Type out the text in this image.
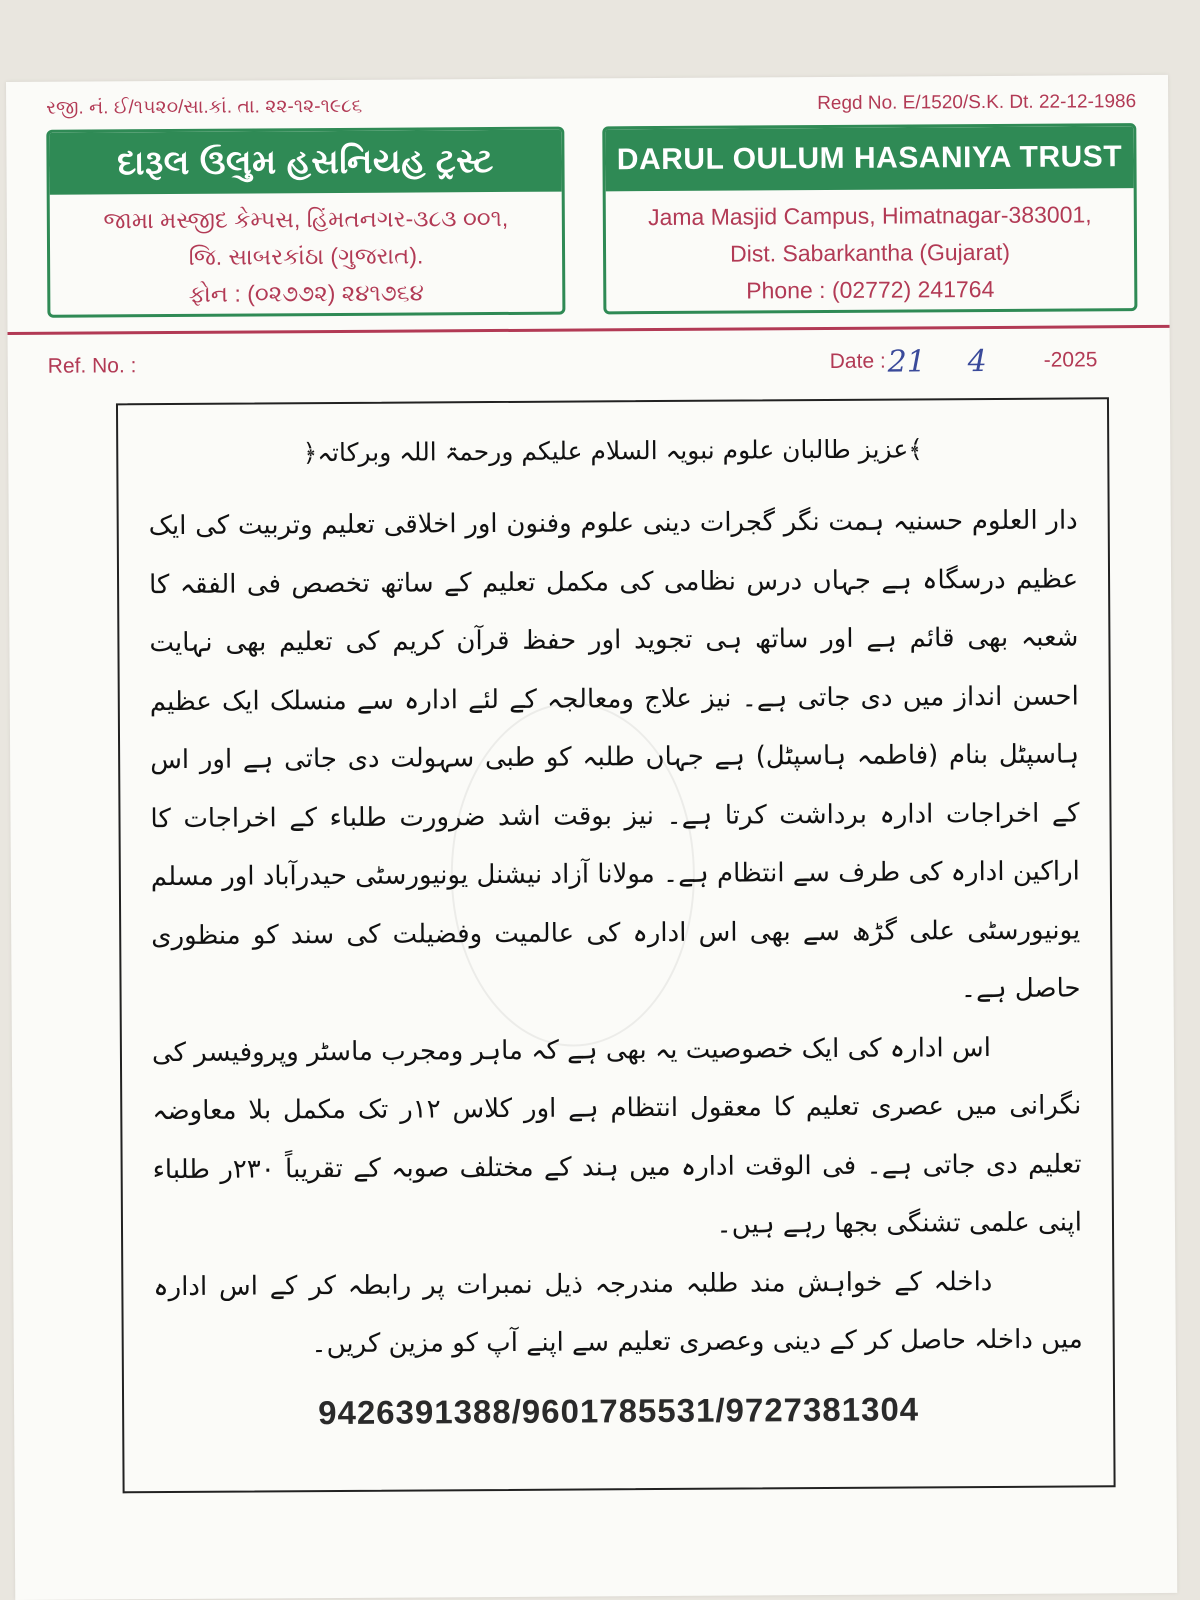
રજી. નં. ઈ/૧૫૨૦/સા.કાં. તા. ૨૨-૧૨-૧૯૮૬	Regd No. E/1520/S.K. Dt. 22-12-1986
દારૂલ ઉલુમ હસનિયહ ટ્રસ્ટ
જામા મસ્જીદ કેમ્પસ, હિંમતનગર-૩૮૩ ૦૦૧,
જિ. સાબરકાંઠા (ગુજરાત).
ફોન : (૦૨૭૭૨) ૨૪૧૭૬૪
DARUL OULUM HASANIYA TRUST
Jama Masjid Campus, Himatnagar-383001,
Dist. Sabarkantha (Gujarat)
Phone : (02772) 241764
Ref. No. :	Date : 21 4	-2025
﴿عزیز طالبان علوم نبویہ السلام علیکم ورحمۃ اللہ وبرکاتہ﴾

دار العلوم حسنیہ ہمت نگر گجرات دینی علوم وفنون اور اخلاقی تعلیم وتربیت کی ایک عظیم درسگاہ ہے جہاں درس نظامی کی مکمل تعلیم کے ساتھ تخصص فی الفقہ کا شعبہ بھی قائم ہے اور ساتھ ہی تجوید اور حفظ قرآن کریم کی تعلیم بھی نہایت احسن انداز میں دی جاتی ہے۔ نیز علاج ومعالجہ کے لئے ادارہ سے منسلک ایک عظیم ہاسپٹل بنام (فاطمہ ہاسپٹل) ہے جہاں طلبہ کو طبی سہولت دی جاتی ہے اور اس کے اخراجات ادارہ برداشت کرتا ہے۔ نیز بوقت اشد ضرورت طلباء کے اخراجات کا اراکین ادارہ کی طرف سے انتظام ہے۔ مولانا آزاد نیشنل یونیورسٹی حیدرآباد اور مسلم یونیورسٹی علی گڑھ سے بھی اس ادارہ کی عالمیت وفضیلت کی سند کو منظوری حاصل ہے۔

اس ادارہ کی ایک خصوصیت یہ بھی ہے کہ ماہر ومجرب ماسٹر وپروفیسر کی نگرانی میں عصری تعلیم کا معقول انتظام ہے اور کلاس ۱۲ر تک مکمل بلا معاوضہ تعلیم دی جاتی ہے۔ فی الوقت ادارہ میں ہند کے مختلف صوبہ کے تقریباً ۲۳۰ر طلباء اپنی علمی تشنگی بجھا رہے ہیں۔

داخلہ کے خواہش مند طلبہ مندرجہ ذیل نمبرات پر رابطہ کر کے اس ادارہ میں داخلہ حاصل کر کے دینی وعصری تعلیم سے اپنے آپ کو مزین کریں۔

9426391388/9601785531/9727381304
